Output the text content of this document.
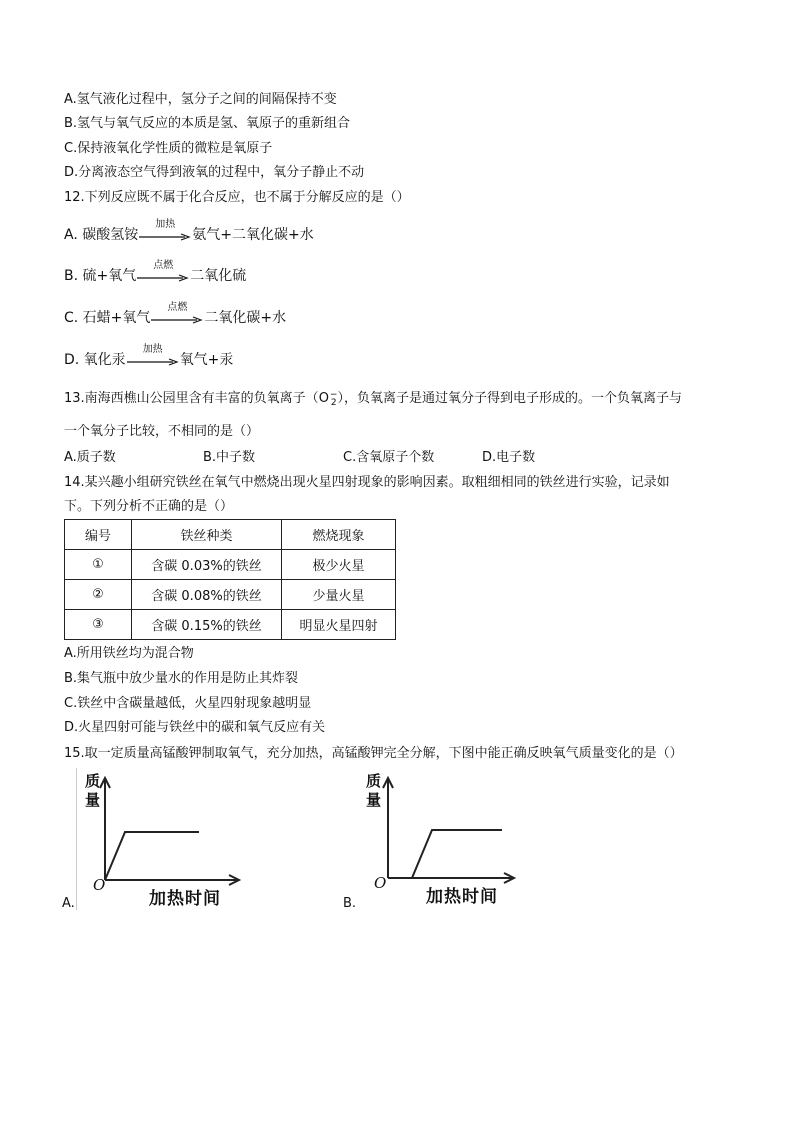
A.氢气液化过程中，氢分子之间的间隔保持不变
B.氢气与氧气反应的本质是氢、氧原子的重新组合
C.保持液氧化学性质的微粒是氧原子
D.分离液态空气得到液氧的过程中，氧分子静止不动
12.下列反应既不属于化合反应，也不属于分解反应的是（）
A. 碳酸氢铵
加热
氨气+二氧化碳+水
B. 硫+氧气
点燃
二氧化硫
C. 石蜡+氧气
点燃
二氧化碳+水
D. 氧化汞
加热
氧气+汞
13.南海西樵山公园里含有丰富的负氧离子（O −
2 ），负氧离子是通过氧分子得到电子形成的。一个负氧离子与
一个氧分子比较，不相同的是（）
A.质子数	B.中子数	C.含氧原子个数	D.电子数
14.某兴趣小组研究铁丝在氧气中燃烧出现火星四射现象的影响因素。取粗细相同的铁丝进行实验，记录如
下。下列分析不正确的是（）
编号	铁丝种类	燃烧现象
①	含碳 0.03%的铁丝	极少火星
②	含碳 0.08%的铁丝	少量火星
③	含碳 0.15%的铁丝	明显火星四射
A.所用铁丝均为混合物
B.集气瓶中放少量水的作用是防止其炸裂
C.铁丝中含碳量越低，火星四射现象越明显
D.火星四射可能与铁丝中的碳和氧气反应有关
15.取一定质量高锰酸钾制取氧气，充分加热，高锰酸钾完全分解，下图中能正确反映氧气质量变化的是（）
A.
质量
O
加热时间	B.
质量
O
加热时间
